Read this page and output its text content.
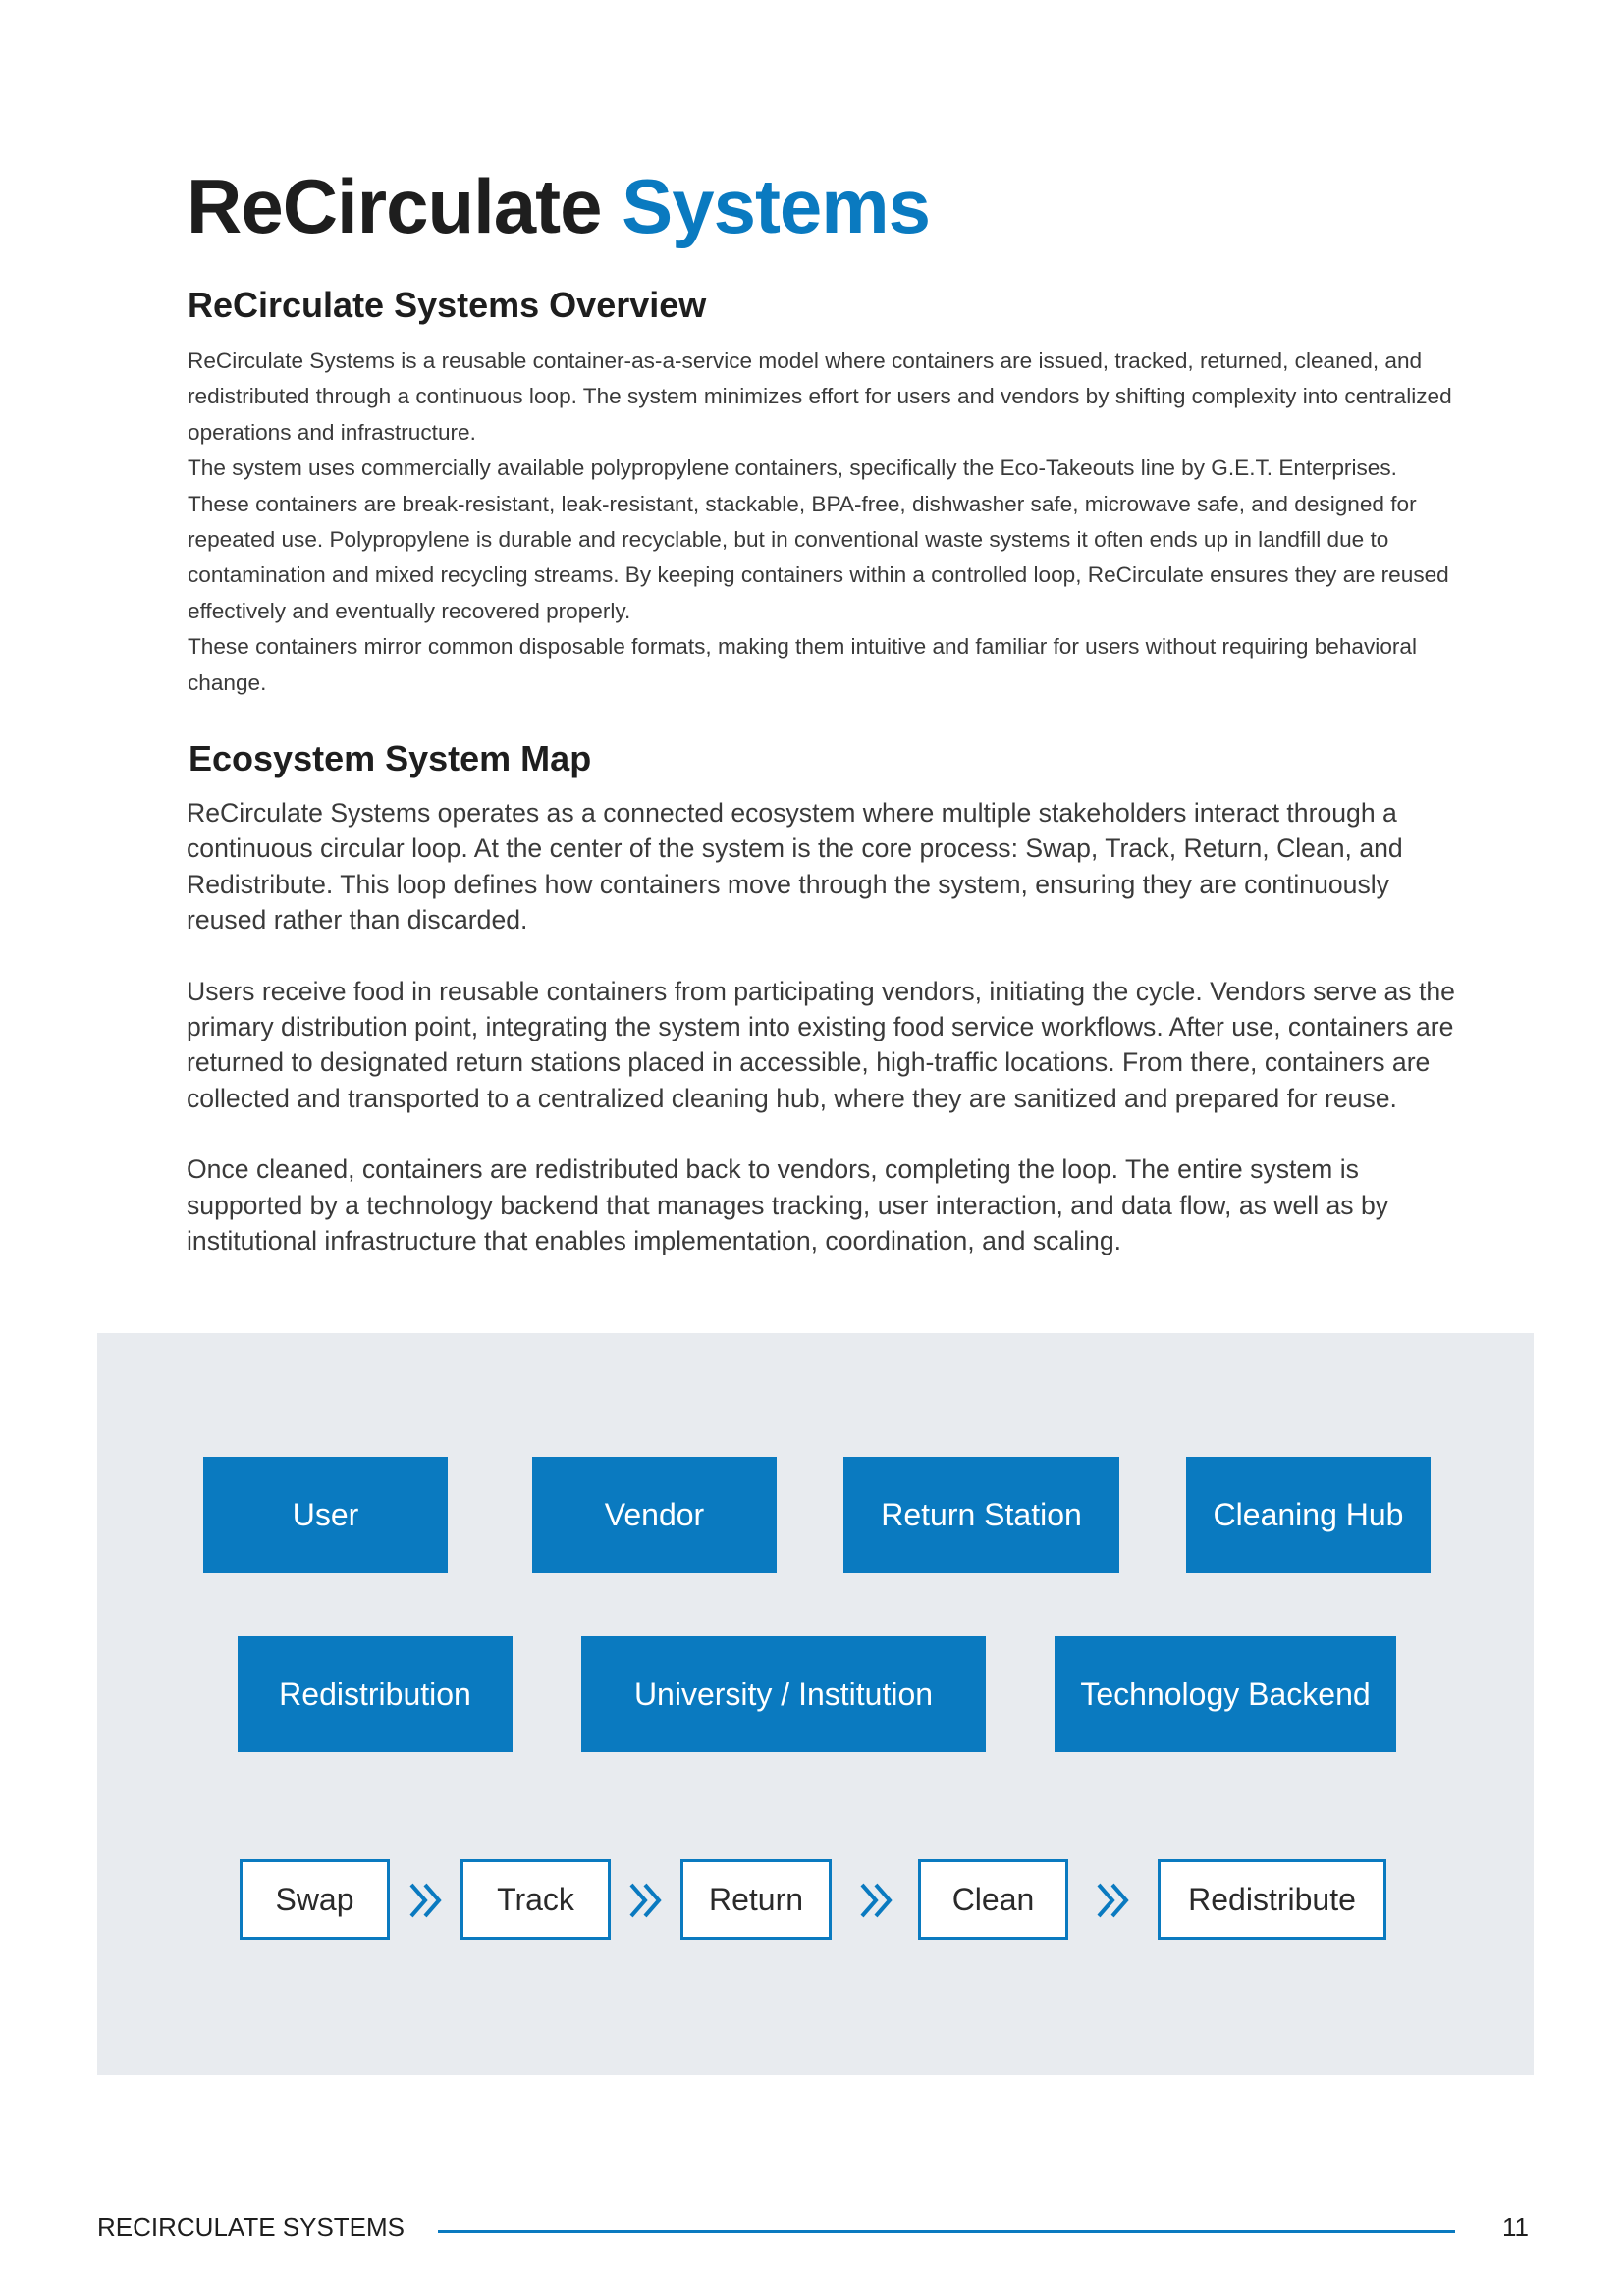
ReCirculate Systems
ReCirculate Systems Overview

ReCirculate Systems is a reusable container-as-a-service model where containers are issued, tracked, returned, cleaned, and redistributed through a continuous loop. The system minimizes effort for users and vendors by shifting complexity into centralized operations and infrastructure.

The system uses commercially available polypropylene containers, specifically the Eco-Takeouts line by G.E.T. Enterprises. These containers are break-resistant, leak-resistant, stackable, BPA-free, dishwasher safe, microwave safe, and designed for repeated use. Polypropylene is durable and recyclable, but in conventional waste systems it often ends up in landfill due to contamination and mixed recycling streams. By keeping containers within a controlled loop, ReCirculate ensures they are reused effectively and eventually recovered properly.

These containers mirror common disposable formats, making them intuitive and familiar for users without requiring behavioral change.

Ecosystem System Map

ReCirculate Systems operates as a connected ecosystem where multiple stakeholders interact through a continuous circular loop. At the center of the system is the core process: Swap, Track, Return, Clean, and Redistribute. This loop defines how containers move through the system, ensuring they are continuously reused rather than discarded.

Users receive food in reusable containers from participating vendors, initiating the cycle. Vendors serve as the primary distribution point, integrating the system into existing food service workflows. After use, containers are returned to designated return stations placed in accessible, high-traffic locations. From there, containers are collected and transported to a centralized cleaning hub, where they are sanitized and prepared for reuse.

Once cleaned, containers are redistributed back to vendors, completing the loop. The entire system is supported by a technology backend that manages tracking, user interaction, and data flow, as well as by institutional infrastructure that enables implementation, coordination, and scaling.

User	Vendor	Return Station	Cleaning Hub
Redistribution	University / Institution	Technology Backend
Swap	Track	Return	Clean	Redistribute
RECIRCULATE SYSTEMS	11
